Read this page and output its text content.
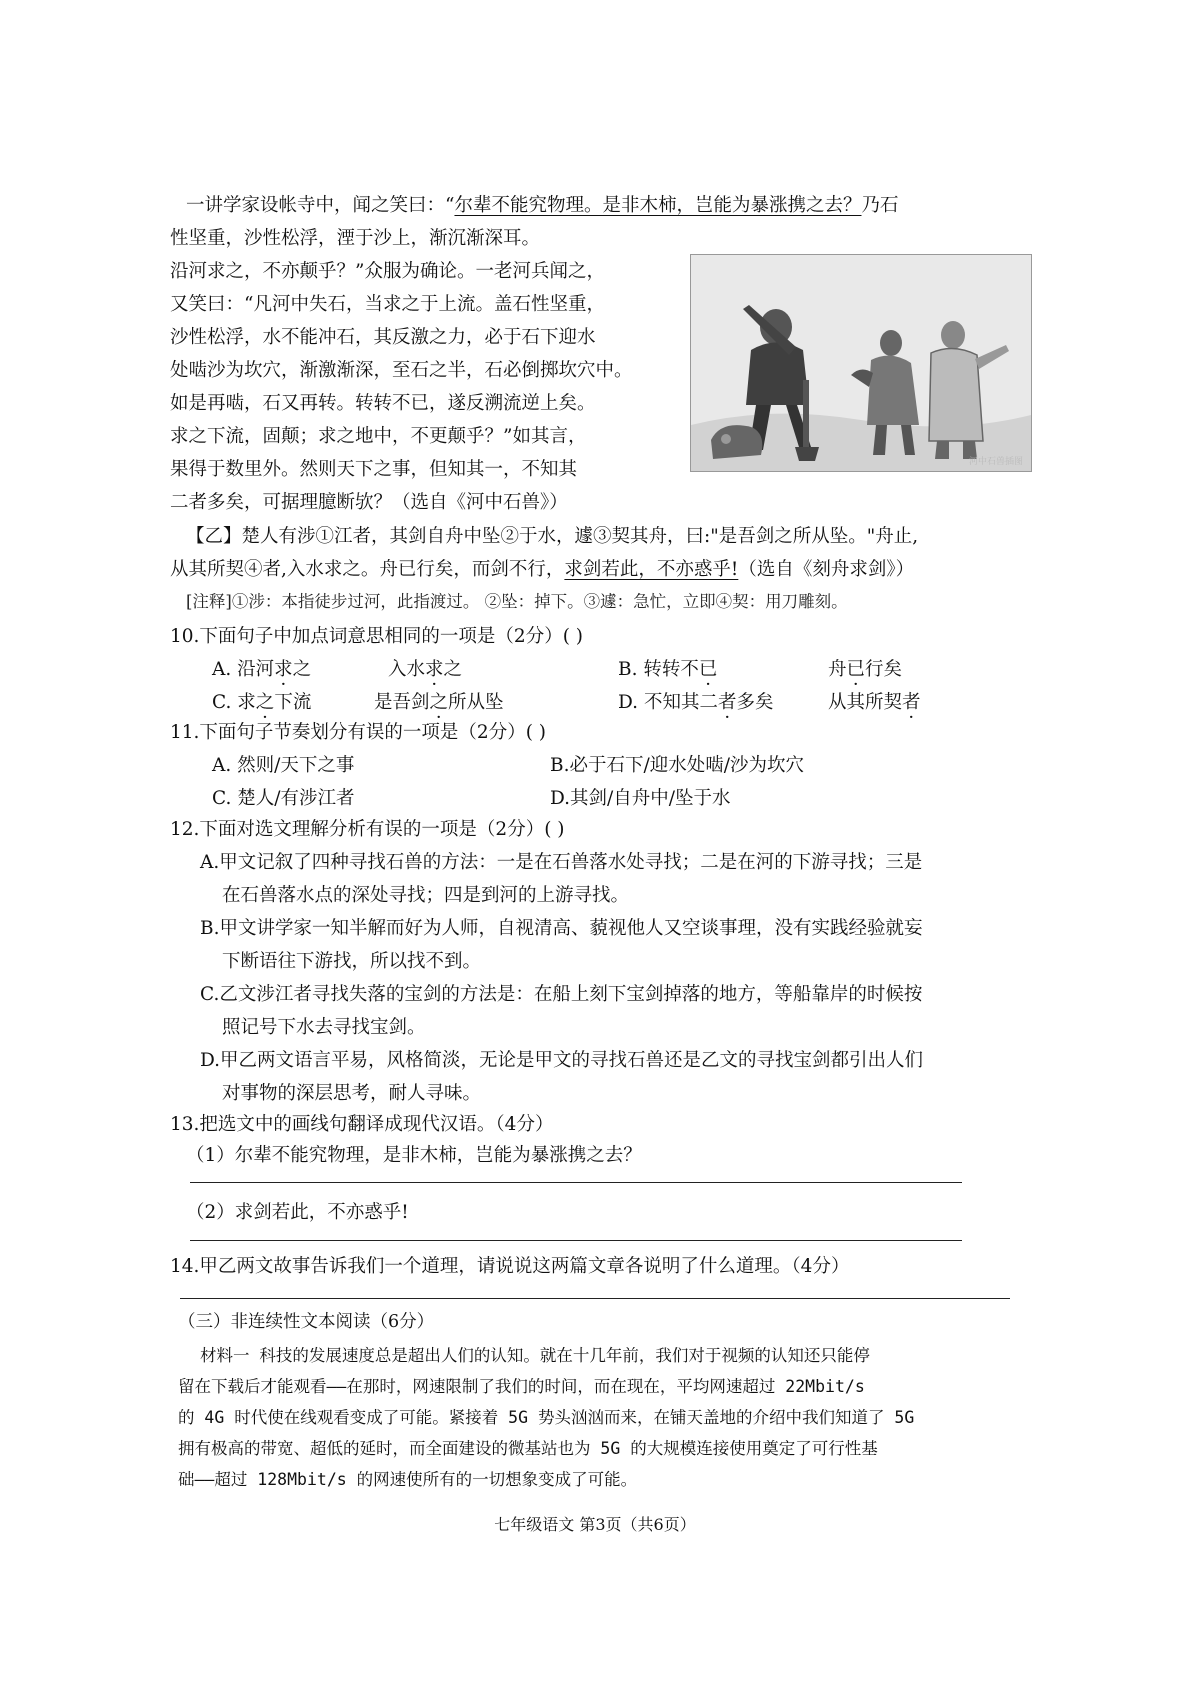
一讲学家设帐寺中，闻之笑曰：“尔辈不能究物理。是非木柿，岂能为暴涨携之去？乃石
性坚重，沙性松浮，湮于沙上，渐沉渐深耳。
沿河求之，不亦颠乎？”众服为确论。一老河兵闻之，
又笑曰：“凡河中失石，当求之于上流。盖石性坚重，
沙性松浮，水不能冲石，其反激之力，必于石下迎水
处啮沙为坎穴，渐激渐深，至石之半，石必倒掷坎穴中。
如是再啮，石又再转。转转不已，遂反溯流逆上矣。
求之下流，固颠；求之地中，不更颠乎？”如其言，
果得于数里外。然则天下之事，但知其一，不知其
二者多矣，可据理臆断欤？（选自《河中石兽》）
河中石兽插图
【乙】楚人有涉①江者，其剑自舟中坠②于水，遽③契其舟，曰:"是吾剑之所从坠。"舟止,
从其所契④者,入水求之。舟已行矣，而剑不行，求剑若此，不亦惑乎!（选自《刻舟求剑》）
[注释]①涉：本指徒步过河，此指渡过。 ②坠：掉下。③遽：急忙，立即④契：用刀雕刻。
10.下面句子中加点词意思相同的一项是（2分）( )
A. 沿河求之	入水求之	B. 转转不已	舟已行矣
C. 求之下流	是吾剑之所从坠	D. 不知其二者多矣	从其所契者
11.下面句子节奏划分有误的一项是（2分）( )
A. 然则/天下之事	B.必于石下/迎水处啮/沙为坎穴
C. 楚人/有涉江者	D.其剑/自舟中/坠于水
12.下面对选文理解分析有误的一项是（2分）( )
A.甲文记叙了四种寻找石兽的方法：一是在石兽落水处寻找；二是在河的下游寻找；三是
在石兽落水点的深处寻找；四是到河的上游寻找。
B.甲文讲学家一知半解而好为人师，自视清高、藐视他人又空谈事理，没有实践经验就妄
下断语往下游找，所以找不到。
C.乙文涉江者寻找失落的宝剑的方法是：在船上刻下宝剑掉落的地方，等船靠岸的时候按
照记号下水去寻找宝剑。
D.甲乙两文语言平易，风格简淡，无论是甲文的寻找石兽还是乙文的寻找宝剑都引出人们
对事物的深层思考，耐人寻味。
13.把选文中的画线句翻译成现代汉语。（4分）
（1）尔辈不能究物理，是非木柿，岂能为暴涨携之去？
（2）求剑若此，不亦惑乎!
14.甲乙两文故事告诉我们一个道理，请说说这两篇文章各说明了什么道理。（4分）
（三）非连续性文本阅读（6分）
材料一 科技的发展速度总是超出人们的认知。就在十几年前，我们对于视频的认知还只能停
留在下载后才能观看——在那时，网速限制了我们的时间，而在现在，平均网速超过 22Mbit/s
的 4G 时代使在线观看变成了可能。紧接着 5G 势头汹汹而来，在铺天盖地的介绍中我们知道了 5G
拥有极高的带宽、超低的延时，而全面建设的微基站也为 5G 的大规模连接使用奠定了可行性基
础——超过 128Mbit/s 的网速使所有的一切想象变成了可能。
七年级语文 第3页（共6页）
